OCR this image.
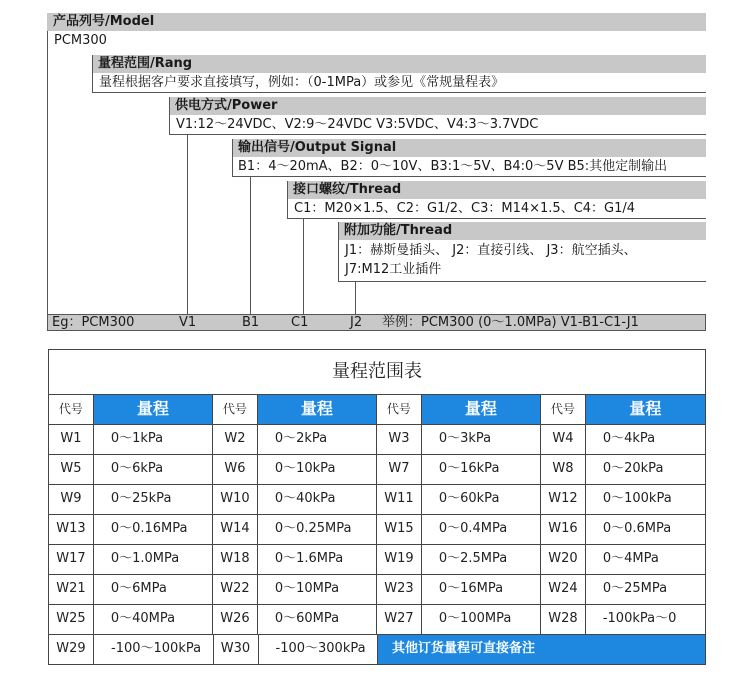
产品列号/Model
PCM300
量程范围/Rang
量程根据客户要求直接填写，例如：（0-1MPa）或参见《常规量程表》
供电方式/Power
V1:12～24VDC、V2:9～24VDC V3:5VDC、V4:3～3.7VDC
输出信号/Output Signal
B1：4～20mA、B2：0～10V、B3:1～5V、B4:0～5V B5:其他定制输出
接口螺纹/Thread
C1：M20×1.5、C2：G1/2、C3：M14×1.5、C4：G1/4
附加功能/Thread
J1：赫斯曼插头、 J2：直接引线、 J3：航空插头、
J7:M12工业插件
Eg：PCM300	V1	B1 C1	J2 举例：PCM300 (0～1.0MPa) V1-B1-C1-J1
量程范围表
代号	量程	代号	量程	代号	量程	代号	量程
W1	0～1kPa	W2	0～2kPa	W3	0～3kPa	W4	0～4kPa
W5	0～6kPa	W6	0～10kPa	W7	0～16kPa	W8	0～20kPa
W9	0～25kPa	W10	0～40kPa	W11	0～60kPa	W12	0～100kPa
W13	0～0.16MPa	W14	0～0.25MPa	W15	0～0.4MPa	W16	0～0.6MPa
W17	0～1.0MPa	W18	0～1.6MPa	W19	0～2.5MPa	W20	0～4MPa
W21	0～6MPa	W22	0～10MPa	W23	0～16MPa	W24	0～25MPa
W25	0～40MPa	W26	0～60MPa	W27	0～100MPa	W28	-100kPa～0
W29	-100～100kPa	W30	-100～300kPa	其他订货量程可直接备注
